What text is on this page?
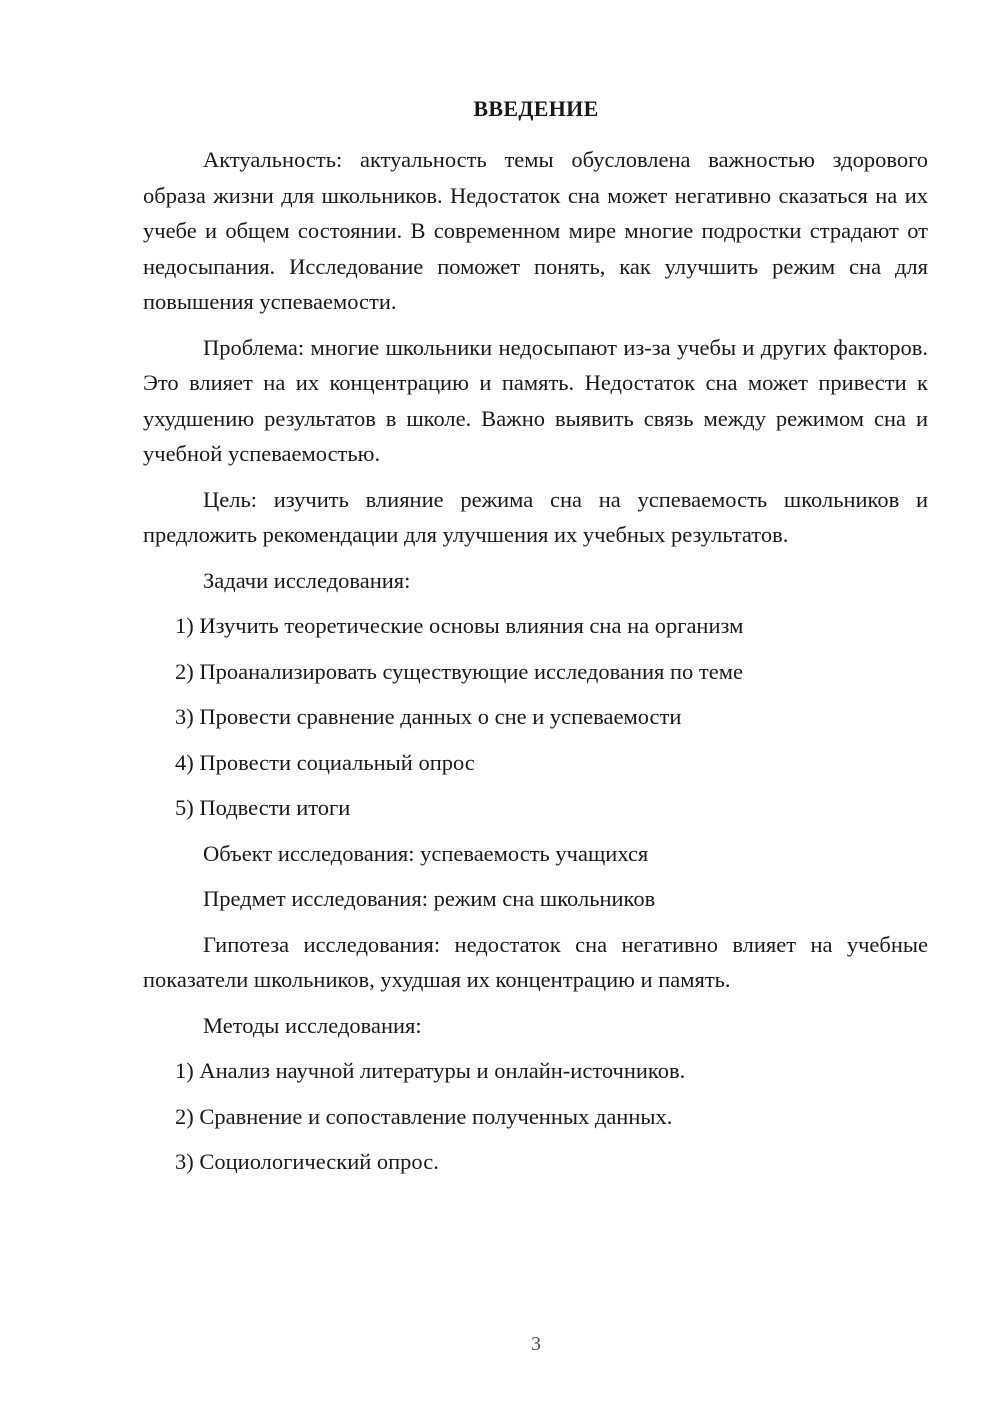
ВВЕДЕНИЕ

Актуальность: актуальность темы обусловлена важностью здорового образа жизни для школьников. Недостаток сна может негативно сказаться на их учебе и общем состоянии. В современном мире многие подростки страдают от недосыпания. Исследование поможет понять, как улучшить режим сна для повышения успеваемости.

Проблема: многие школьники недосыпают из-за учебы и других факторов. Это влияет на их концентрацию и память. Недостаток сна может привести к ухудшению результатов в школе. Важно выявить связь между режимом сна и учебной успеваемостью.

Цель: изучить влияние режима сна на успеваемость школьников и предложить рекомендации для улучшения их учебных результатов.

Задачи исследования:

1) Изучить теоретические основы влияния сна на организм

2) Проанализировать существующие исследования по теме

3) Провести сравнение данных о сне и успеваемости

4) Провести социальный опрос

5) Подвести итоги

Объект исследования: успеваемость учащихся

Предмет исследования: режим сна школьников

Гипотеза исследования: недостаток сна негативно влияет на учебные показатели школьников, ухудшая их концентрацию и память.

Методы исследования:

1) Анализ научной литературы и онлайн-источников.

2) Сравнение и сопоставление полученных данных.

3) Социологический опрос.

3
